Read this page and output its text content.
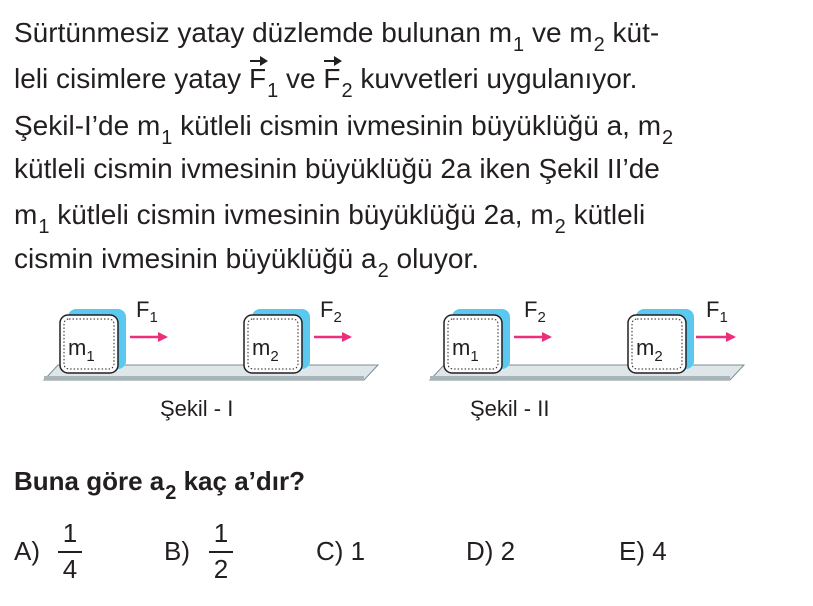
Sürtünmesiz yatay düzlemde bulunan $m_1$ ve $m_2$ küt-
leli cisimlere yatay $F_1$ ve $F_2$ kuvvetleri uygulanıyor.
Şekil-I’de $m_1$ kütleli cismin ivmesinin büyüklüğü a, $m_2$
kütleli cismin ivmesinin büyüklüğü 2a iken Şekil II’de
$m_1$ kütleli cismin ivmesinin büyüklüğü 2a, $m_2$ kütleli
cismin ivmesinin büyüklüğü $a_2$ oluyor.
$m_1$	$m_2$	$m_1$	$m_2$
$F_1$	$F_2$	$F_2$	$F_1$
Şekil - I	Şekil - II
Buna göre $a_2$ kaç a’dır?
A)
1
4
B)
1
2
C) 1	D) 2	E) 4
